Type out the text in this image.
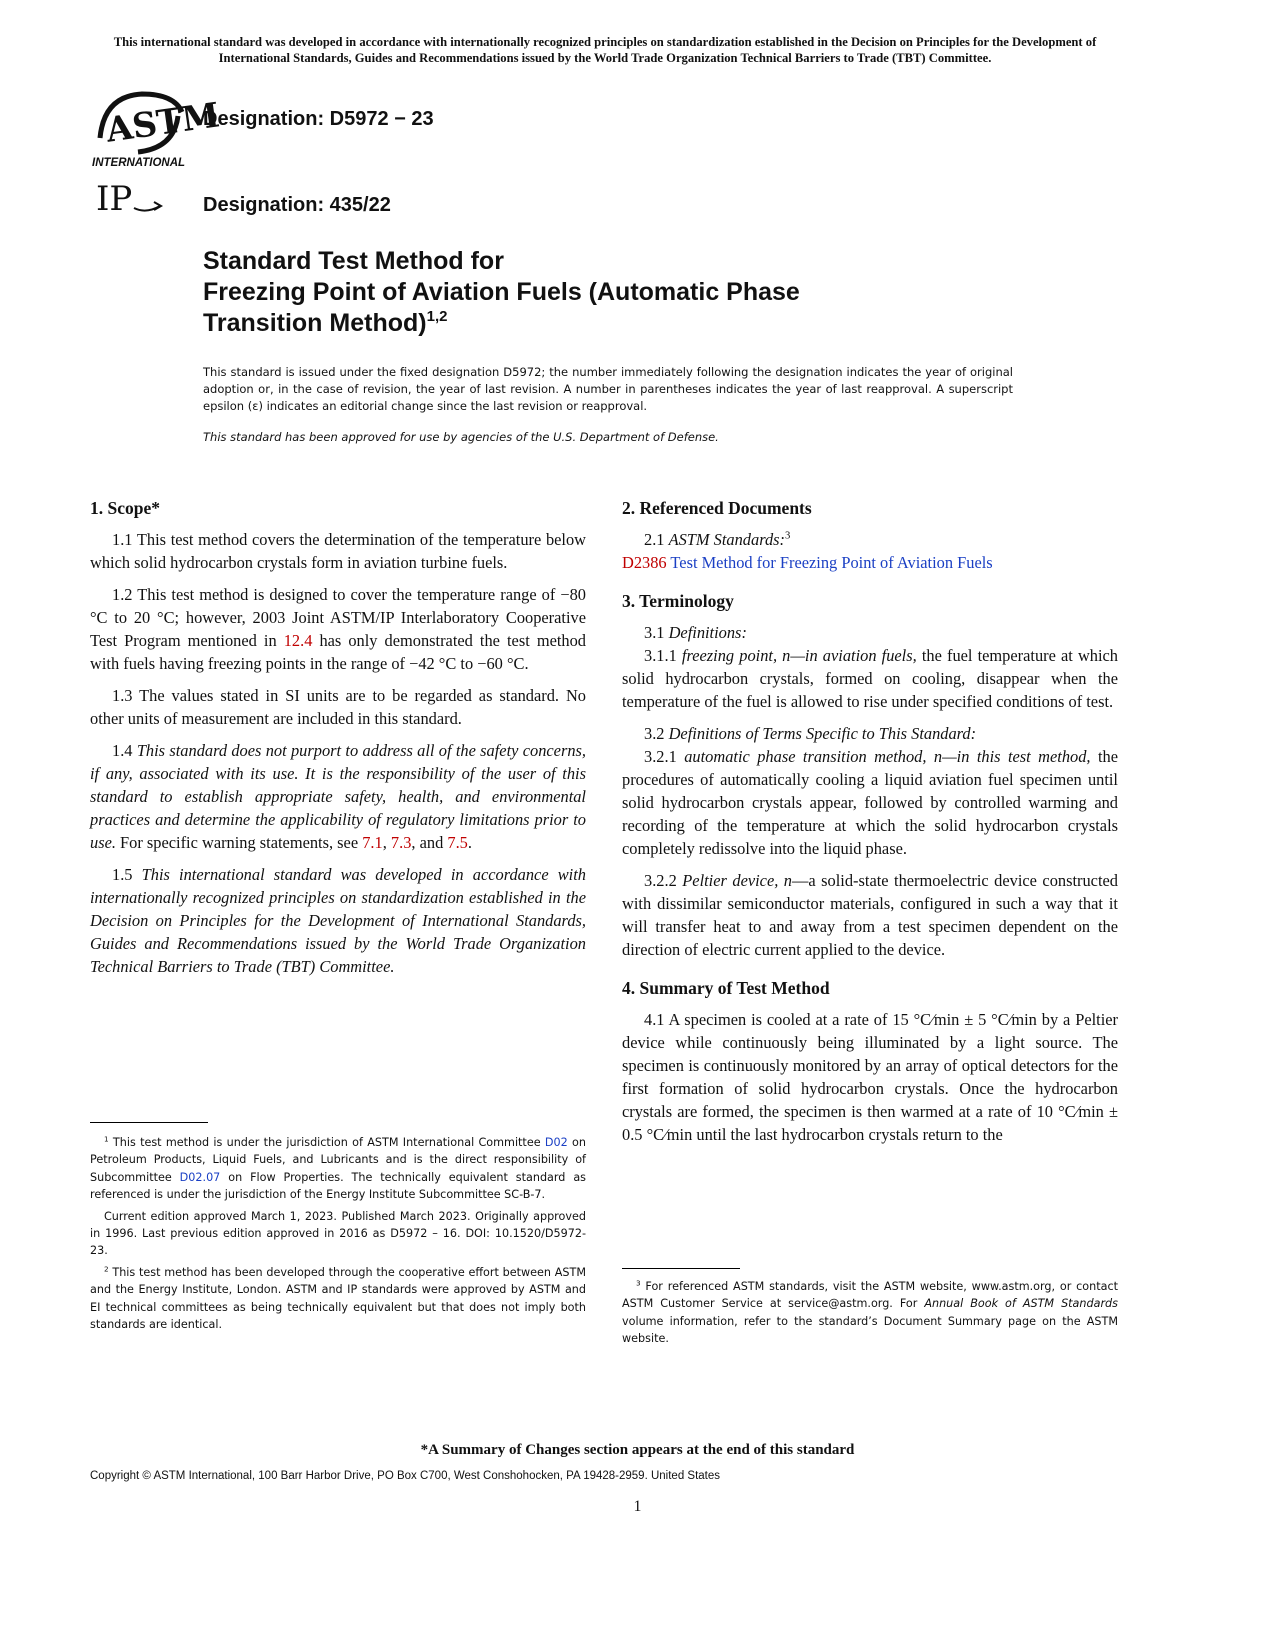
This international standard was developed in accordance with internationally recognized principles on standardization established in the Decision on Principles for the Development of International Standards, Guides and Recommendations issued by the World Trade Organization Technical Barriers to Trade (TBT) Committee.
ASTM
INTERNATIONAL
Designation: D5972 − 23
IP	Designation: 435/22
Standard Test Method for
Freezing Point of Aviation Fuels (Automatic Phase
Transition Method)$^{1,2}$
This standard is issued under the fixed designation D5972; the number immediately following the designation indicates the year of original adoption or, in the case of revision, the year of last revision. A number in parentheses indicates the year of last reapproval. A superscript epsilon (ε) indicates an editorial change since the last revision or reapproval.
This standard has been approved for use by agencies of the U.S. Department of Defense.
1. Scope*

1.1 This test method covers the determination of the temperature below which solid hydrocarbon crystals form in aviation turbine fuels.

1.2 This test method is designed to cover the temperature range of −80 °C to 20 °C; however, 2003 Joint ASTM/IP Interlaboratory Cooperative Test Program mentioned in 12.4 has only demonstrated the test method with fuels having freezing points in the range of −42 °C to −60 °C.

1.3 The values stated in SI units are to be regarded as standard. No other units of measurement are included in this standard.

1.4 This standard does not purport to address all of the safety concerns, if any, associated with its use. It is the responsibility of the user of this standard to establish appropriate safety, health, and environmental practices and determine the applicability of regulatory limitations prior to use. For specific warning statements, see 7.1, 7.3, and 7.5.

1.5 This international standard was developed in accordance with internationally recognized principles on standardization established in the Decision on Principles for the Development of International Standards, Guides and Recommendations issued by the World Trade Organization Technical Barriers to Trade (TBT) Committee.

$^1$ This test method is under the jurisdiction of ASTM International Committee D02 on Petroleum Products, Liquid Fuels, and Lubricants and is the direct responsibility of Subcommittee D02.07 on Flow Properties. The technically equivalent standard as referenced is under the jurisdiction of the Energy Institute Subcommittee SC-B-7.

Current edition approved March 1, 2023. Published March 2023. Originally approved in 1996. Last previous edition approved in 2016 as D5972 – 16. DOI: 10.1520/D5972-23.

$^2$ This test method has been developed through the cooperative effort between ASTM and the Energy Institute, London. ASTM and IP standards were approved by ASTM and EI technical committees as being technically equivalent but that does not imply both standards are identical.

2. Referenced Documents

2.1 ASTM Standards:$^3$

D2386 Test Method for Freezing Point of Aviation Fuels

3. Terminology

3.1 Definitions:

3.1.1 freezing point, n—in aviation fuels, the fuel temperature at which solid hydrocarbon crystals, formed on cooling, disappear when the temperature of the fuel is allowed to rise under specified conditions of test.

3.2 Definitions of Terms Specific to This Standard:

3.2.1 automatic phase transition method, n—in this test method, the procedures of automatically cooling a liquid aviation fuel specimen until solid hydrocarbon crystals appear, followed by controlled warming and recording of the temperature at which the solid hydrocarbon crystals completely redissolve into the liquid phase.

3.2.2 Peltier device, n—a solid-state thermoelectric device constructed with dissimilar semiconductor materials, configured in such a way that it will transfer heat to and away from a test specimen dependent on the direction of electric current applied to the device.

4. Summary of Test Method

4.1 A specimen is cooled at a rate of 15 °C⁄min ± 5 °C⁄min by a Peltier device while continuously being illuminated by a light source. The specimen is continuously monitored by an array of optical detectors for the first formation of solid hydrocarbon crystals. Once the hydrocarbon crystals are formed, the specimen is then warmed at a rate of 10 °C⁄min ± 0.5 °C⁄min until the last hydrocarbon crystals return to the

$^3$ For referenced ASTM standards, visit the ASTM website, www.astm.org, or contact ASTM Customer Service at service@astm.org. For Annual Book of ASTM Standards volume information, refer to the standard’s Document Summary page on the ASTM website.

*A Summary of Changes section appears at the end of this standard
Copyright © ASTM International, 100 Barr Harbor Drive, PO Box C700, West Conshohocken, PA 19428-2959. United States
1
